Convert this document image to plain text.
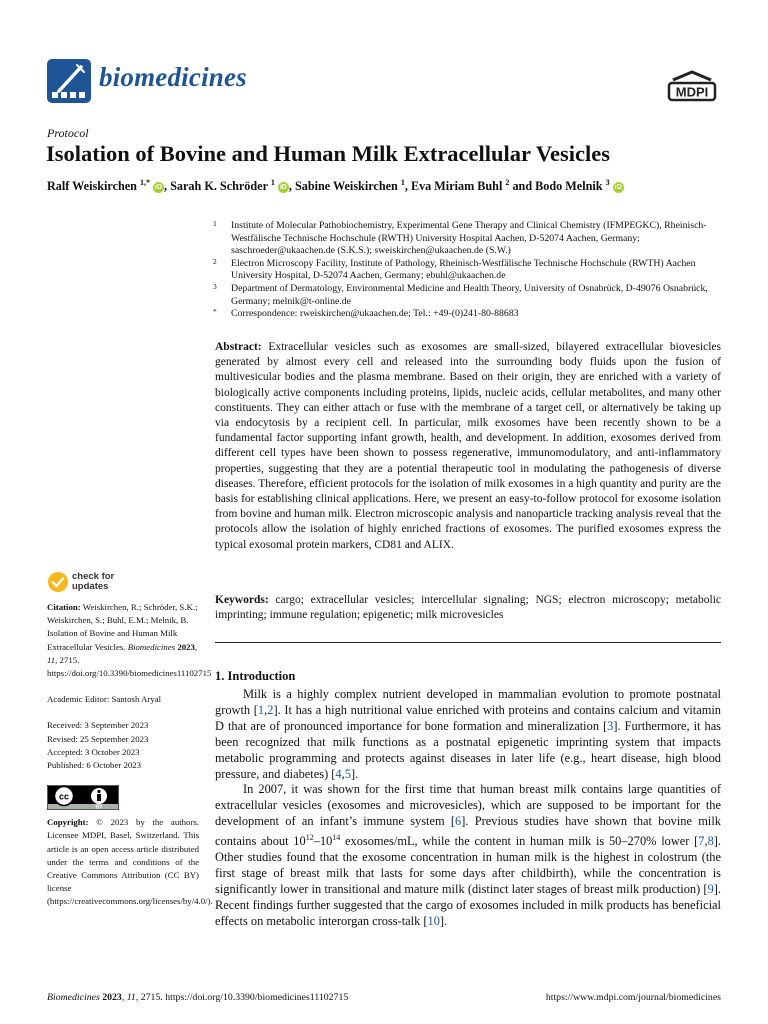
biomedicines	MDPI
Protocol
Isolation of Bovine and Human Milk Extracellular Vesicles
Ralf Weiskirchen $^{1,*}$ iD , Sarah K. Schröder $^1$ iD , Sabine Weiskirchen $^1$, Eva Miriam Buhl $^2$ and Bodo Melnik $^3$ iD
1 Institute of Molecular Pathobiochemistry, Experimental Gene Therapy and Clinical Chemistry (IFMPEGKC), Rheinisch-Westfälische Technische Hochschule (RWTH) University Hospital Aachen, D-52074 Aachen, Germany; saschroeder@ukaachen.de (S.K.S.); sweiskirchen@ukaachen.de (S.W.)
2 Electron Microscopy Facility, Institute of Pathology, Rheinisch-Westfälische Technische Hochschule (RWTH) Aachen University Hospital, D-52074 Aachen, Germany; ebuhl@ukaachen.de
3 Department of Dermatology, Environmental Medicine and Health Theory, University of Osnabrück, D-49076 Osnabrück, Germany; melnik@t-online.de
* Correspondence: rweiskirchen@ukaachen.de; Tel.: +49-(0)241-80-88683

Abstract: Extracellular vesicles such as exosomes are small-sized, bilayered extracellular biovesicles generated by almost every cell and released into the surrounding body fluids upon the fusion of multivesicular bodies and the plasma membrane. Based on their origin, they are enriched with a variety of biologically active components including proteins, lipids, nucleic acids, cellular metabolites, and many other constituents. They can either attach or fuse with the membrane of a target cell, or alternatively be taking up via endocytosis by a recipient cell. In particular, milk exosomes have been recently shown to be a fundamental factor supporting infant growth, health, and development. In addition, exosomes derived from different cell types have been shown to possess regenerative, immunomodulatory, and anti-inflammatory properties, suggesting that they are a potential therapeutic tool in modulating the pathogenesis of diverse diseases. Therefore, efficient protocols for the isolation of milk exosomes in a high quantity and purity are the basis for establishing clinical applications. Here, we present an easy-to-follow protocol for exosome isolation from bovine and human milk. Electron microscopic analysis and nanoparticle tracking analysis reveal that the protocols allow the isolation of highly enriched fractions of exosomes. The purified exosomes express the typical exosomal protein markers, CD81 and ALIX.

Keywords: cargo; extracellular vesicles; intercellular signaling; NGS; electron microscopy; metabolic imprinting; immune regulation; epigenetic; milk microvesicles

1. Introduction

Milk is a highly complex nutrient developed in mammalian evolution to promote postnatal growth [1,2]. It has a high nutritional value enriched with proteins and contains calcium and vitamin D that are of pronounced importance for bone formation and mineralization [3]. Furthermore, it has been recognized that milk functions as a postnatal epigenetic imprinting system that impacts metabolic programming and protects against diseases in later life (e.g., heart disease, high blood pressure, and diabetes) [4,5].

In 2007, it was shown for the first time that human breast milk contains large quantities of extracellular vesicles (exosomes and microvesicles), which are supposed to be important for the development of an infant’s immune system [6]. Previous studies have shown that bovine milk contains about $10^{12}-10^{14}$ exosomes/mL, while the content in human milk is 50–270% lower [7,8]. Other studies found that the exosome concentration in human milk is the highest in colostrum (the first stage of breast milk that lasts for some days after childbirth), while the concentration is significantly lower in transitional and mature milk (distinct later stages of breast milk production) [9]. Recent findings further suggested that the cargo of exosomes included in milk products has beneficial effects on metabolic interorgan cross-talk [10].

check for
updates
Citation: Weiskirchen, R.; Schröder, S.K.; Weiskirchen, S.; Buhl, E.M.; Melnik, B. Isolation of Bovine and Human Milk Extracellular Vesicles. Biomedicines 2023, 11, 2715. https://doi.org/10.3390/biomedicines11102715
Academic Editor: Santosh Aryal
Received: 3 September 2023
Revised: 25 September 2023
Accepted: 3 October 2023
Published: 6 October 2023
cc
BY
Copyright: © 2023 by the authors. Licensee MDPI, Basel, Switzerland. This article is an open access article distributed under the terms and conditions of the Creative Commons Attribution (CC BY) license (https://creativecommons.org/licenses/by/4.0/).
Biomedicines 2023, 11, 2715. https://doi.org/10.3390/biomedicines11102715	https://www.mdpi.com/journal/biomedicines
